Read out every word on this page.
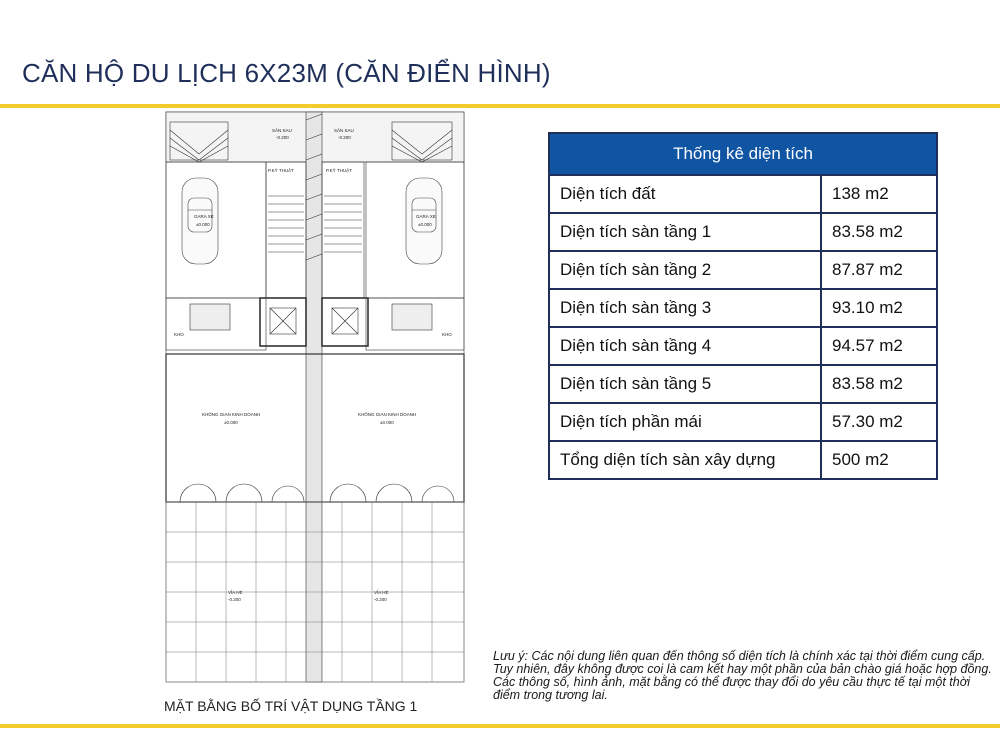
CĂN HỘ DU LỊCH 6X23M (CĂN ĐIỂN HÌNH)
SÂN SAU
-0.200
SÂN SAU
-0.200
P.KỸ THUẬT	P.KỸ THUẬT
GARA XE
±0.000
GARA XE
±0.000
KHO	KHO
KHÔNG GIAN KINH DOANH
±0.000
KHÔNG GIAN KINH DOANH
±0.000
VỈA HÈ
-0.200
VỈA HÈ
-0.200
MẶT BẰNG BỐ TRÍ VẬT DỤNG TẦNG 1
Thống kê diện tích	
Diện tích đất	138 m2
Diện tích sàn tầng 1	83.58 m2
Diện tích sàn tầng 2	87.87 m2
Diện tích sàn tầng 3	93.10 m2
Diện tích sàn tầng 4	94.57 m2
Diện tích sàn tầng 5	83.58 m2
Diện tích phần mái	57.30 m2
Tổng diện tích sàn xây dựng	500 m2
Lưu ý: Các nội dung liên quan đến thông số diện tích là chính xác tại thời điểm cung cấp. Tuy nhiên, đây không được coi là cam kết hay một phần của bản chào giá hoặc hợp đồng. Các thông số, hình ảnh, mặt bằng có thể được thay đổi do yêu cầu thực tế tại một thời điểm trong tương lai.
